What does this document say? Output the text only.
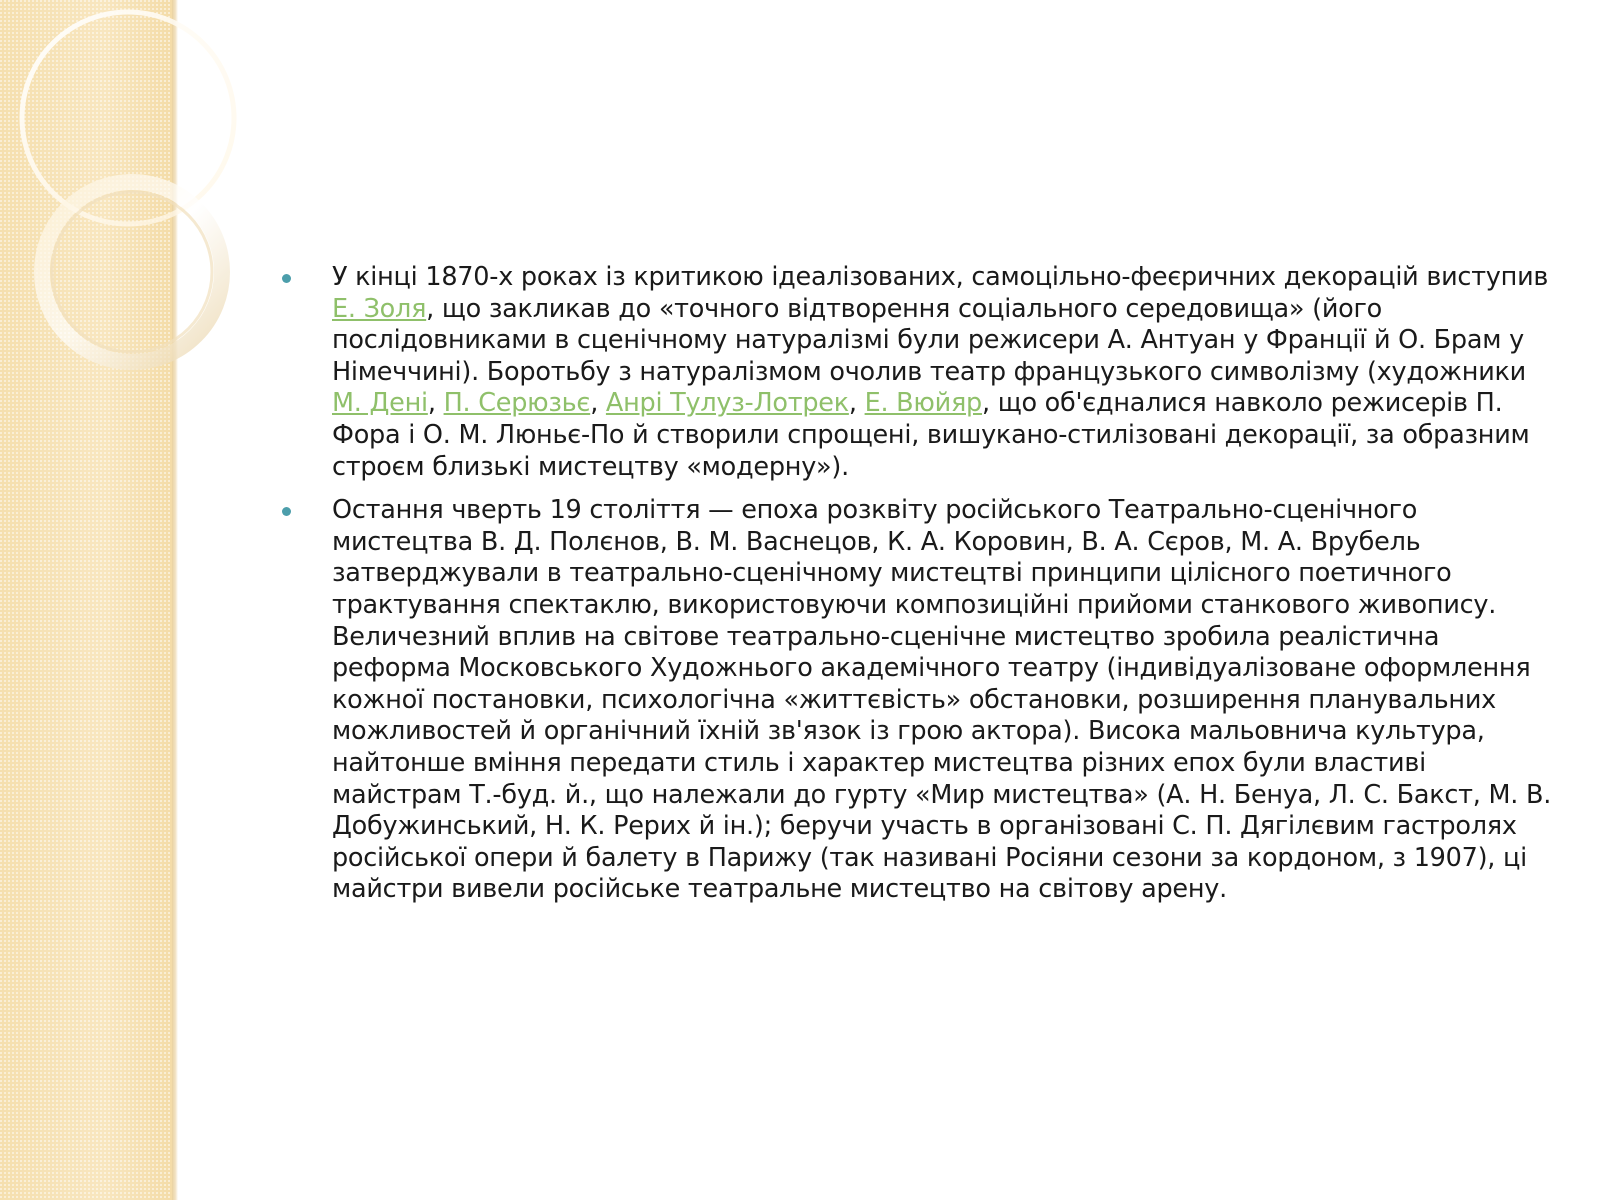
У кінці 1870-х роках із критикою ідеалізованих, самоцільно-феєричних декорацій виступив Е. Золя, що закликав до «точного відтворення соціального середовища» (його послідовниками в сценічному натуралізмі були режисери А. Антуан у Франції й О. Брам у Німеччині). Боротьбу з натуралізмом очолив театр французького символізму (художники М. Дені, П. Серюзьє, Анрі Тулуз-Лотрек, Е. Вюйяр, що об'єдналися навколо режисерів П. Фора і О. М. Люньє-По й створили спрощені, вишукано-стилізовані декорації, за образним строєм близькі мистецтву «модерну»).
Остання чверть 19 століття — епоха розквіту російського Театрально-сценічного мистецтва В. Д. Полєнов, В. М. Васнецов, К. А. Коровин, В. А. Сєров, М. А. Врубель затверджували в театрально-сценічному мистецтві принципи цілісного поетичного трактування спектаклю, використовуючи композиційні прийоми станкового живопису. Величезний вплив на світове театрально-сценічне мистецтво зробила реалістична реформа Московського Художнього академічного театру (індивідуалізоване оформлення кожної постановки, психологічна «життєвість» обстановки, розширення планувальних можливостей й органічний їхній зв'язок із грою актора). Висока мальовнича культура, найтонше вміння передати стиль і характер мистецтва різних епох були властиві майстрам Т.-буд. й., що належали до гурту «Мир мистецтва» (А. Н. Бенуа, Л. С. Бакст, М. В. Добужинський, Н. К. Рерих й ін.); беручи участь в організовані С. П. Дягілєвим гастролях російської опери й балету в Парижу (так називані Росіяни сезони за кордоном, з 1907), ці майстри вивели російське театральне мистецтво на світову арену.
